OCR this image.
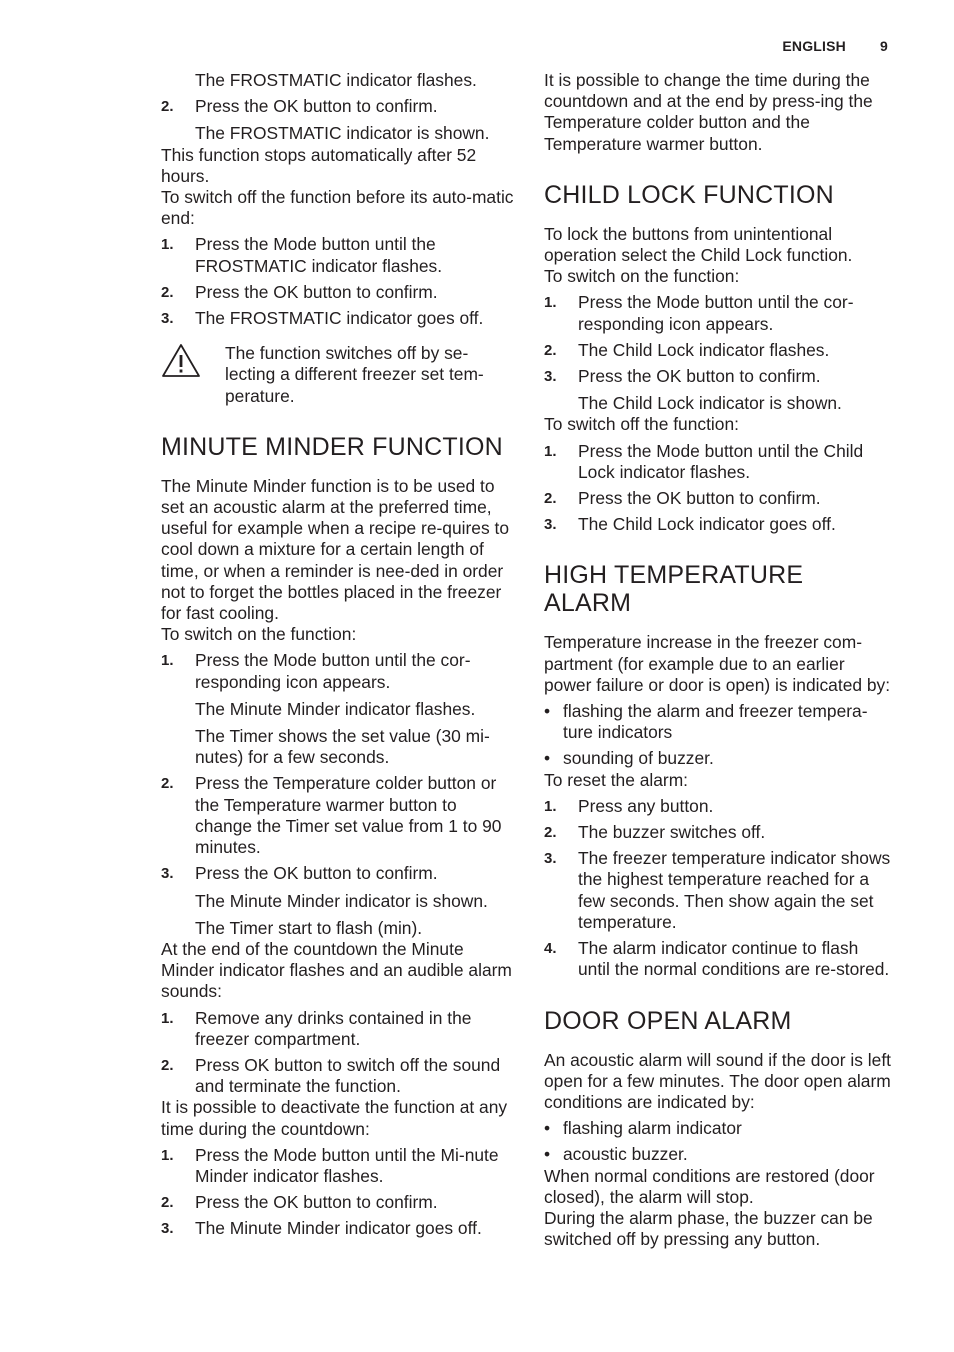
ENGLISH 9

The FROSTMATIC indicator flashes.

2.	Press the OK button to confirm.

The FROSTMATIC indicator is shown.

This function stops automatically after 52 hours.

To switch off the function before its auto-matic end:

1.	Press the Mode button until the FROSTMATIC indicator flashes.
2.	Press the OK button to confirm.
3.	The FROSTMATIC indicator goes off.
The function switches off by se-lecting a different freezer set tem-perature.
MINUTE MINDER FUNCTION

The Minute Minder function is to be used to set an acoustic alarm at the preferred time, useful for example when a recipe re-quires to cool down a mixture for a certain length of time, or when a reminder is nee-ded in order not to forget the bottles placed in the freezer for fast cooling.

To switch on the function:

1.	Press the Mode button until the cor-responding icon appears.

The Minute Minder indicator flashes.

The Timer shows the set value (30 mi-nutes) for a few seconds.

2.	Press the Temperature colder button or the Temperature warmer button to change the Timer set value from 1 to 90 minutes.
3.	Press the OK button to confirm.

The Minute Minder indicator is shown.

The Timer start to flash (min).

At the end of the countdown the Minute Minder indicator flashes and an audible alarm sounds:

1.	Remove any drinks contained in the freezer compartment.
2.	Press OK button to switch off the sound and terminate the function.

It is possible to deactivate the function at any time during the countdown:

1.	Press the Mode button until the Mi-nute Minder indicator flashes.
2.	Press the OK button to confirm.
3.	The Minute Minder indicator goes off.

It is possible to change the time during the countdown and at the end by press-ing the Temperature colder button and the Temperature warmer button.

CHILD LOCK FUNCTION

To lock the buttons from unintentional operation select the Child Lock function.

To switch on the function:

1.	Press the Mode button until the cor-responding icon appears.
2.	The Child Lock indicator flashes.
3.	Press the OK button to confirm.

The Child Lock indicator is shown.

To switch off the function:

1.	Press the Mode button until the Child Lock indicator flashes.
2.	Press the OK button to confirm.
3.	The Child Lock indicator goes off.
HIGH TEMPERATURE ALARM

Temperature increase in the freezer com-partment (for example due to an earlier power failure or door is open) is indicated by:

• flashing the alarm and freezer tempera-ture indicators
• sounding of buzzer.

To reset the alarm:

1.	Press any button.
2.	The buzzer switches off.
3.	The freezer temperature indicator shows the highest temperature reached for a few seconds. Then show again the set temperature.
4.	The alarm indicator continue to flash until the normal conditions are re-stored.
DOOR OPEN ALARM

An acoustic alarm will sound if the door is left open for a few minutes. The door open alarm conditions are indicated by:

• flashing alarm indicator
• acoustic buzzer.

When normal conditions are restored (door closed), the alarm will stop.

During the alarm phase, the buzzer can be switched off by pressing any button.
